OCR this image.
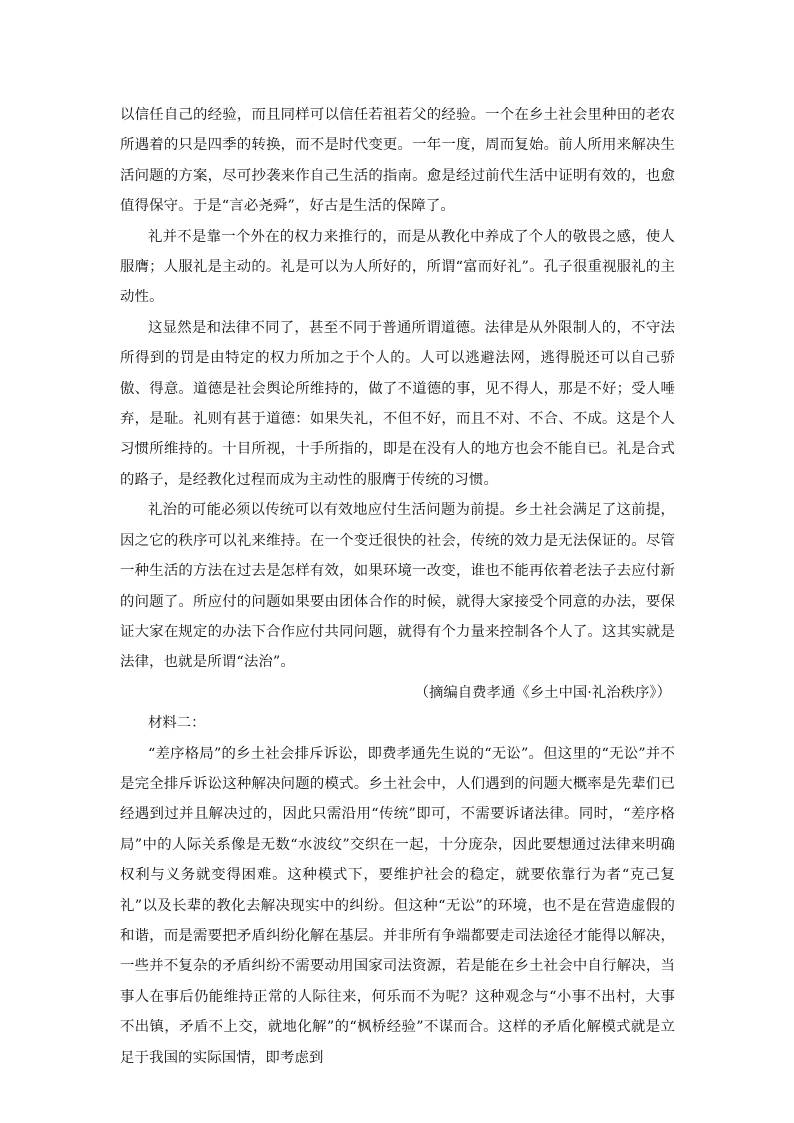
以信任自己的经验，而且同样可以信任若祖若父的经验。一个在乡土社会里种田的老农所遇着的只是四季的转换，而不是时代变更。一年一度，周而复始。前人所用来解决生活问题的方案，尽可抄袭来作自己生活的指南。愈是经过前代生活中证明有效的，也愈值得保守。于是“言必尧舜”，好古是生活的保障了。

礼并不是靠一个外在的权力来推行的，而是从教化中养成了个人的敬畏之感，使人服膺；人服礼是主动的。礼是可以为人所好的，所谓“富而好礼”。孔子很重视服礼的主动性。

这显然是和法律不同了，甚至不同于普通所谓道德。法律是从外限制人的，不守法所得到的罚是由特定的权力所加之于个人的。人可以逃避法网，逃得脱还可以自己骄傲、得意。道德是社会舆论所维持的，做了不道德的事，见不得人，那是不好；受人唾弃，是耻。礼则有甚于道德：如果失礼，不但不好，而且不对、不合、不成。这是个人习惯所维持的。十目所视，十手所指的，即是在没有人的地方也会不能自已。礼是合式的路子，是经教化过程而成为主动性的服膺于传统的习惯。

礼治的可能必须以传统可以有效地应付生活问题为前提。乡土社会满足了这前提，因之它的秩序可以礼来维持。在一个变迁很快的社会，传统的效力是无法保证的。尽管一种生活的方法在过去是怎样有效，如果环境一改变，谁也不能再依着老法子去应付新的问题了。所应付的问题如果要由团体合作的时候，就得大家接受个同意的办法，要保证大家在规定的办法下合作应付共同问题，就得有个力量来控制各个人了。这其实就是法律，也就是所谓“法治”。

（摘编自费孝通《乡土中国·礼治秩序》）

材料二：

“差序格局”的乡土社会排斥诉讼，即费孝通先生说的“无讼”。但这里的“无讼”并不是完全排斥诉讼这种解决问题的模式。乡土社会中，人们遇到的问题大概率是先辈们已经遇到过并且解决过的，因此只需沿用“传统”即可，不需要诉诸法律。同时，“差序格局”中的人际关系像是无数“水波纹”交织在一起，十分庞杂，因此要想通过法律来明确权利与义务就变得困难。这种模式下，要维护社会的稳定，就要依靠行为者“克己复礼”以及长辈的教化去解决现实中的纠纷。但这种“无讼”的环境，也不是在营造虚假的和谐，而是需要把矛盾纠纷化解在基层。并非所有争端都要走司法途径才能得以解决，一些并不复杂的矛盾纠纷不需要动用国家司法资源，若是能在乡土社会中自行解决，当事人在事后仍能维持正常的人际往来，何乐而不为呢？这种观念与“小事不出村，大事不出镇，矛盾不上交，就地化解”的“枫桥经验”不谋而合。这样的矛盾化解模式就是立足于我国的实际国情，即考虑到
